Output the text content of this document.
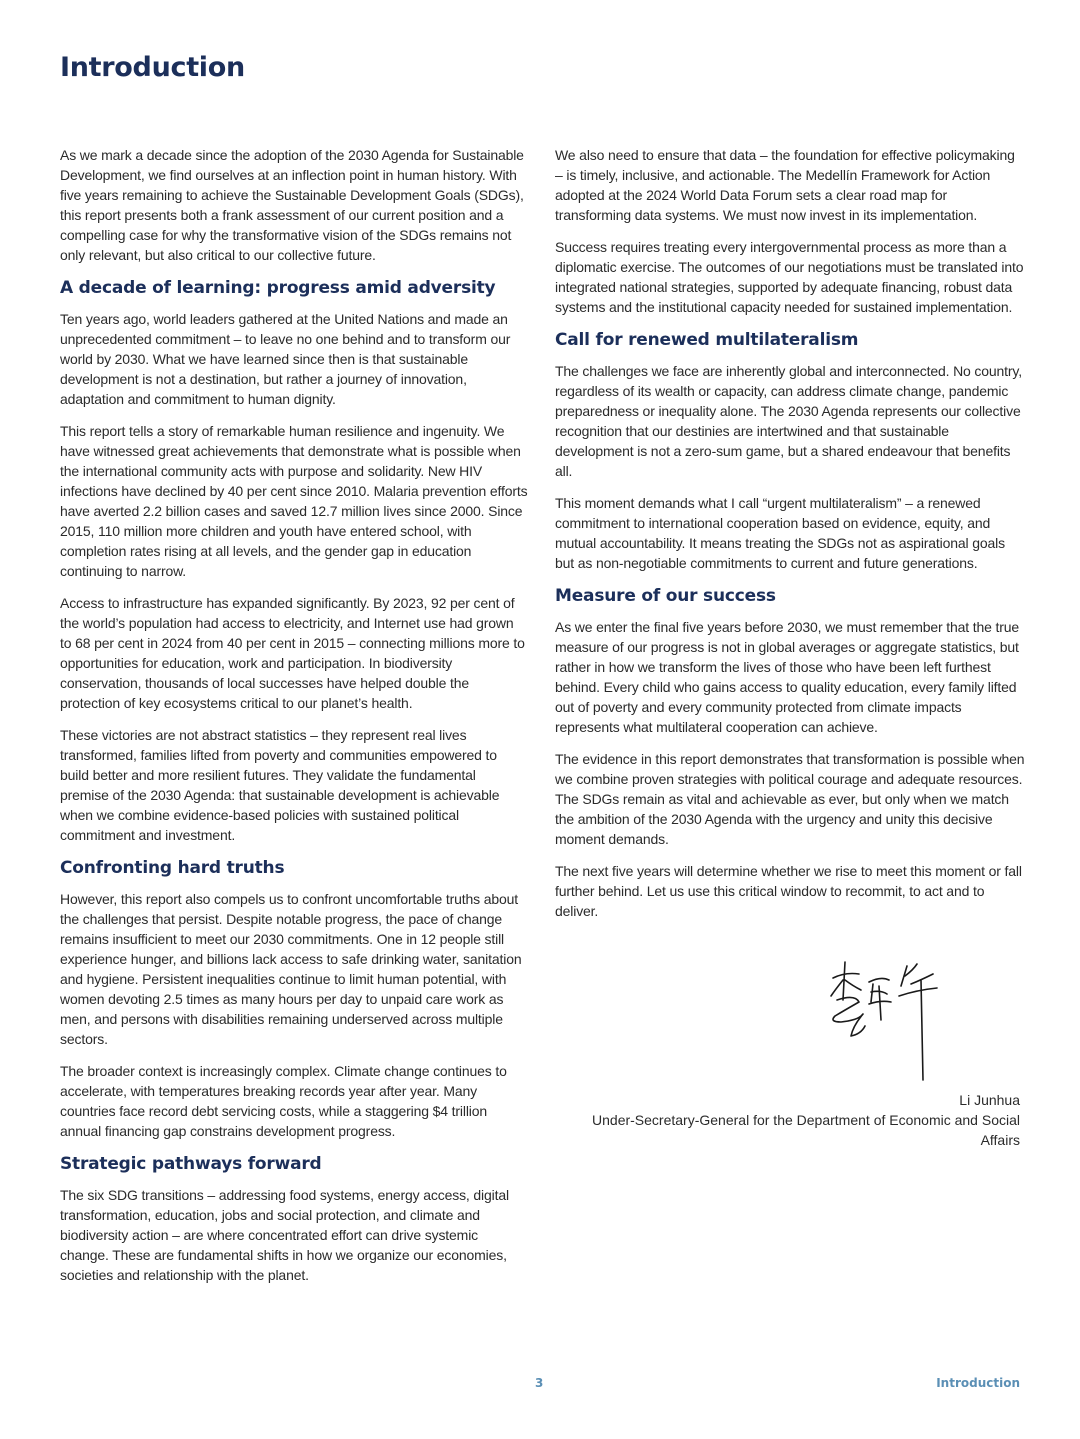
Introduction

As we mark a decade since the adoption of the 2030 Agenda for Sustainable Development, we find ourselves at an inflection point in human history. With five years remaining to achieve the Sustainable Development Goals (SDGs), this report presents both a frank assessment of our current position and a compelling case for why the transformative vision of the SDGs remains not only relevant, but also critical to our collective future.

A decade of learning: progress amid adversity

Ten years ago, world leaders gathered at the United Nations and made an unprecedented commitment – to leave no one behind and to transform our world by 2030. What we have learned since then is that sustainable development is not a destination, but rather a journey of innovation, adaptation and commitment to human dignity.

This report tells a story of remarkable human resilience and ingenuity. We have witnessed great achievements that demonstrate what is possible when the international community acts with purpose and solidarity. New HIV infections have declined by 40 per cent since 2010. Malaria prevention efforts have averted 2.2 billion cases and saved 12.7 million lives since 2000. Since 2015, 110 million more children and youth have entered school, with completion rates rising at all levels, and the gender gap in education continuing to narrow.

Access to infrastructure has expanded significantly. By 2023, 92 per cent of the world’s population had access to electricity, and Internet use had grown to 68 per cent in 2024 from 40 per cent in 2015 – connecting millions more to opportunities for education, work and participation. In biodiversity conservation, thousands of local successes have helped double the protection of key ecosystems critical to our planet’s health.

These victories are not abstract statistics – they represent real lives transformed, families lifted from poverty and communities empowered to build better and more resilient futures. They validate the fundamental premise of the 2030 Agenda: that sustainable development is achievable when we combine evidence-based policies with sustained political commitment and investment.

Confronting hard truths

However, this report also compels us to confront uncomfortable truths about the challenges that persist. Despite notable progress, the pace of change remains insufficient to meet our 2030 commitments. One in 12 people still experience hunger, and billions lack access to safe drinking water, sanitation and hygiene. Persistent inequalities continue to limit human potential, with women devoting 2.5 times as many hours per day to unpaid care work as men, and persons with disabilities remaining underserved across multiple sectors.

The broader context is increasingly complex. Climate change continues to accelerate, with temperatures breaking records year after year. Many countries face record debt servicing costs, while a staggering $4 trillion annual financing gap constrains development progress.

Strategic pathways forward

The six SDG transitions – addressing food systems, energy access, digital transformation, education, jobs and social protection, and climate and biodiversity action – are where concentrated effort can drive systemic change. These are fundamental shifts in how we organize our economies, societies and relationship with the planet.

We also need to ensure that data – the foundation for effective policymaking – is timely, inclusive, and actionable. The Medellín Framework for Action adopted at the 2024 World Data Forum sets a clear road map for transforming data systems. We must now invest in its implementation.

Success requires treating every intergovernmental process as more than a diplomatic exercise. The outcomes of our negotiations must be translated into integrated national strategies, supported by adequate financing, robust data systems and the institutional capacity needed for sustained implementation.

Call for renewed multilateralism

The challenges we face are inherently global and interconnected. No country, regardless of its wealth or capacity, can address climate change, pandemic preparedness or inequality alone. The 2030 Agenda represents our collective recognition that our destinies are intertwined and that sustainable development is not a zero-sum game, but a shared endeavour that benefits all.

This moment demands what I call “urgent multilateralism” – a renewed commitment to international cooperation based on evidence, equity, and mutual accountability. It means treating the SDGs not as aspirational goals but as non-negotiable commitments to current and future generations.

Measure of our success

As we enter the final five years before 2030, we must remember that the true measure of our progress is not in global averages or aggregate statistics, but rather in how we transform the lives of those who have been left furthest behind. Every child who gains access to quality education, every family lifted out of poverty and every community protected from climate impacts represents what multilateral cooperation can achieve.

The evidence in this report demonstrates that transformation is possible when we combine proven strategies with political courage and adequate resources. The SDGs remain as vital and achievable as ever, but only when we match the ambition of the 2030 Agenda with the urgency and unity this decisive moment demands.

The next five years will determine whether we rise to meet this moment or fall further behind. Let us use this critical window to recommit, to act and to deliver.

Li Junhua
Under-Secretary-General for the Department of Economic and Social Affairs
3	Introduction
